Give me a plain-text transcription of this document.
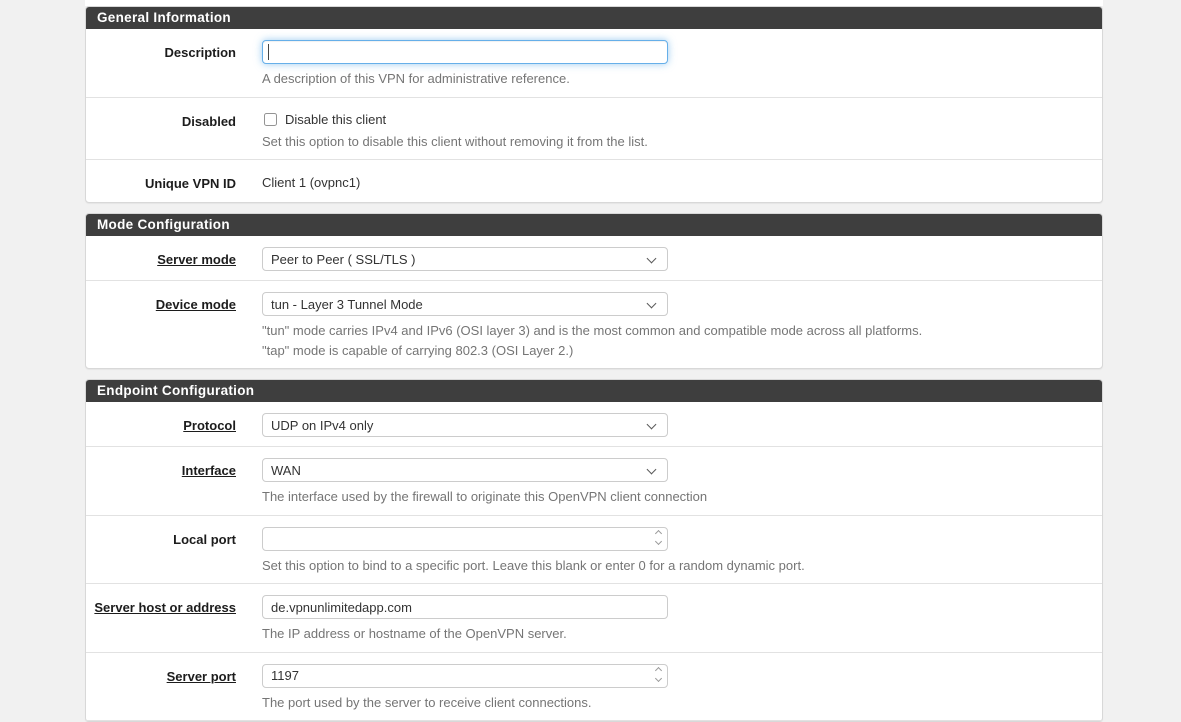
General Information
Description
A description of this VPN for administrative reference.
Disabled	Disable this client
Set this option to disable this client without removing it from the list.
Unique VPN ID	Client 1 (ovpnc1)
Mode Configuration
Server mode
Peer to Peer ( SSL/TLS )
Device mode
tun - Layer 3 Tunnel Mode
"tun" mode carries IPv4 and IPv6 (OSI layer 3) and is the most common and compatible mode across all platforms.
"tap" mode is capable of carrying 802.3 (OSI Layer 2.)
Endpoint Configuration
Protocol
UDP on IPv4 only
Interface
WAN
The interface used by the firewall to originate this OpenVPN client connection
Local port
Set this option to bind to a specific port. Leave this blank or enter 0 for a random dynamic port.
Server host or address
de.vpnunlimitedapp.com
The IP address or hostname of the OpenVPN server.
Server port
1197
The port used by the server to receive client connections.
